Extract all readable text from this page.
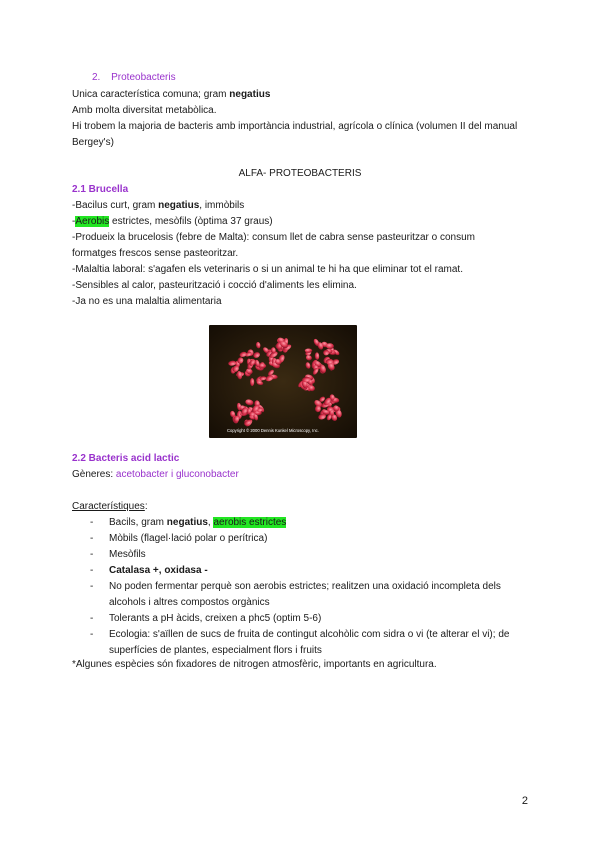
2. Proteobacteris
Unica característica comuna; gram negatius
Amb molta diversitat metabòlica.
Hi trobem la majoria de bacteris amb importància industrial, agrícola o clínica (volumen II del manual
Bergey's)
ALFA- PROTEOBACTERIS
2.1 Brucella
-Bacilus curt, gram negatius, immòbils
-Aerobis estrictes, mesòfils (òptima 37 graus)
-Produeix la brucelosis (febre de Malta): consum llet de cabra sense pasteuritzar o consum
formatges frescos sense pasteoritzar.
-Malaltia laboral: s'agafen els veterinaris o si un animal te hi ha que eliminar tot el ramat.
-Sensibles al calor, pasteurització i cocció d'aliments les elimina.
-Ja no es una malaltia alimentaria
Copyright © 2000 Dennis Kunkel Microscopy, Inc.
2.2 Bacteris acid lactic
Gèneres: acetobacter i gluconobacter
Característiques:
- Bacils, gram negatius, aerobis estrictes
- Mòbils (flagel·lació polar o perítrica)
- Mesòfils
- Catalasa +, oxidasa -
- No poden fermentar perquè son aerobis estrictes; realitzen una oxidació incompleta dels
alcohols i altres compostos orgànics
- Tolerants a pH àcids, creixen a phc5 (optim 5-6)
- Ecologia: s'aïllen de sucs de fruita de contingut alcohòlic com sidra o vi (te alterar el vi); de
superfícies de plantes, especialment flors i fruits
*Algunes espècies són fixadores de nitrogen atmosfèric, importants en agricultura.
2
